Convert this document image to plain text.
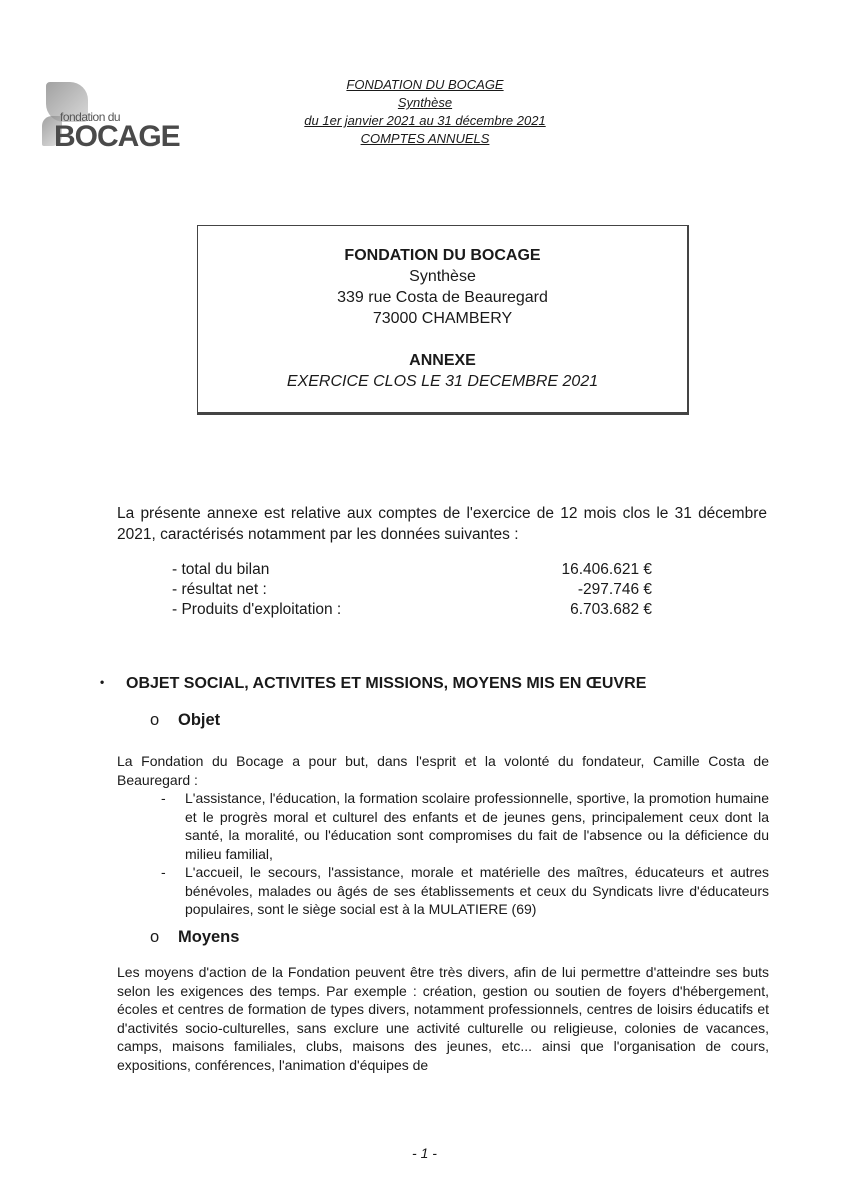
fondation du
BOCAGE
FONDATION DU BOCAGE
Synthèse
du 1er janvier 2021 au 31 décembre 2021
COMPTES ANNUELS
FONDATION DU BOCAGE
Synthèse
339 rue Costa de Beauregard
73000 CHAMBERY
ANNEXE
EXERCICE CLOS LE 31 DECEMBRE 2021
La présente annexe est relative aux comptes de l'exercice de 12 mois clos le 31 décembre 2021, caractérisés notamment par les données suivantes :
- total du bilan	16.406.621 €
- résultat net :	-297.746 €
- Produits d'exploitation :	6.703.682 €
• OBJET SOCIAL, ACTIVITES ET MISSIONS, MOYENS MIS EN ŒUVRE
o Objet
La Fondation du Bocage a pour but, dans l'esprit et la volonté du fondateur, Camille Costa de Beauregard :
- L'assistance, l'éducation, la formation scolaire professionnelle, sportive, la promotion humaine et le progrès moral et culturel des enfants et de jeunes gens, principalement ceux dont la santé, la moralité, ou l'éducation sont compromises du fait de l'absence ou la déficience du milieu familial,
- L'accueil, le secours, l'assistance, morale et matérielle des maîtres, éducateurs et autres bénévoles, malades ou âgés de ses établissements et ceux du Syndicats livre d'éducateurs populaires, sont le siège social est à la MULATIERE (69)
o Moyens
Les moyens d'action de la Fondation peuvent être très divers, afin de lui permettre d'atteindre ses buts selon les exigences des temps. Par exemple : création, gestion ou soutien de foyers d'hébergement, écoles et centres de formation de types divers, notamment professionnels, centres de loisirs éducatifs et d'activités socio-culturelles, sans exclure une activité culturelle ou religieuse, colonies de vacances, camps, maisons familiales, clubs, maisons des jeunes, etc... ainsi que l'organisation de cours, expositions, conférences, l'animation d'équipes de
- 1 -
